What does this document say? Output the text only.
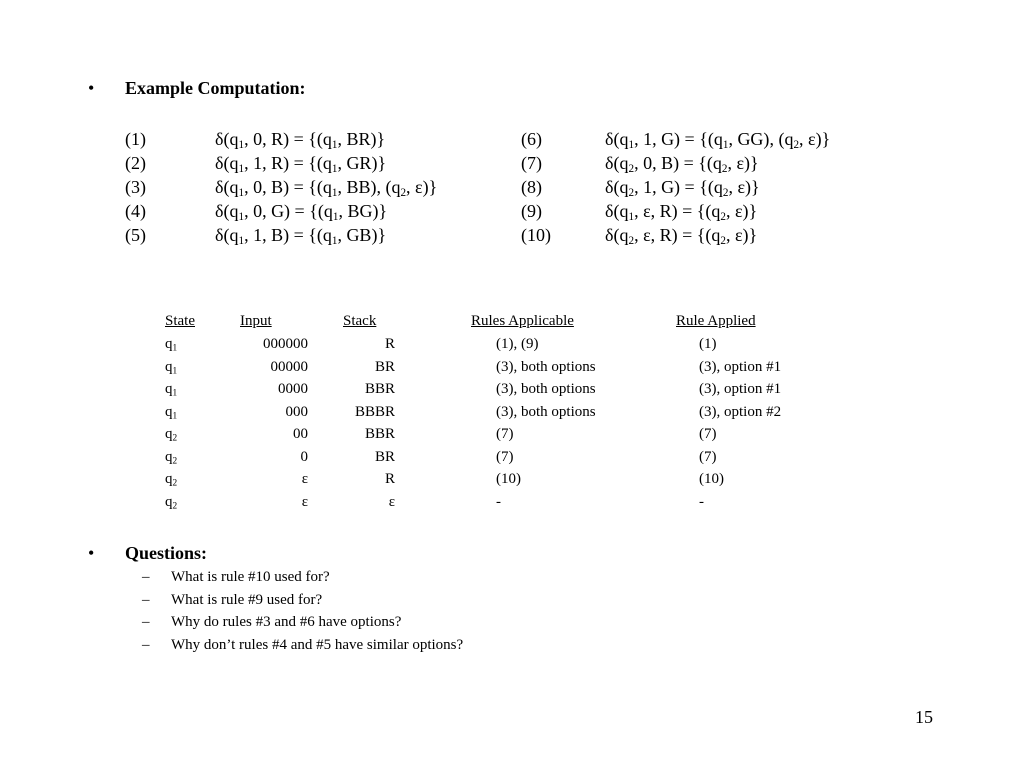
• Example Computation:
(1)	$\delta(q_1$, 0, $R) = \{(q_1$, BR)}
(2)	$\delta(q_1$, 1, $R) = \{(q_1$, GR)}
(3)	$\delta(q_1$, 0, $B) = \{(q_1$, BB), ($q_2$, ε)}
(4)	$\delta(q_1$, 0, $G) = \{(q_1$, BG)}
(5)	$\delta(q_1$, 1, $B) = \{(q_1$, GB)}
(6)	$\delta(q_1$, 1, $G) = \{(q_1$, GG), ($q_2$, ε)}
(7)	$\delta(q_2$, 0, $B) = \{(q_2$, ε)}
(8)	$\delta(q_2$, 1, $G) = \{(q_2$, ε)}
(9)	$\delta(q_1$, ε, $R) = \{(q_2$, ε)}
(10)	$\delta(q_2$, ε, $R) = \{(q_2$, ε)}
State	Input	Stack	Rules Applicable	Rule Applied
$q_1$	000000	R	(1), (9)	(1)
$q_1$	00000	BR	(3), both options	(3), option #1
$q_1$	0000	BBR	(3), both options	(3), option #1
$q_1$	000	BBBR	(3), both options	(3), option #2
$q_2$	00	BBR	(7)	(7)
$q_2$	0	BR	(7)	(7)
$q_2$	ε	R	(10)	(10)
$q_2$	ε	ε	-	-
• Questions:
– What is rule #10 used for?
– What is rule #9 used for?
– Why do rules #3 and #6 have options?
– Why don’t rules #4 and #5 have similar options?
15
